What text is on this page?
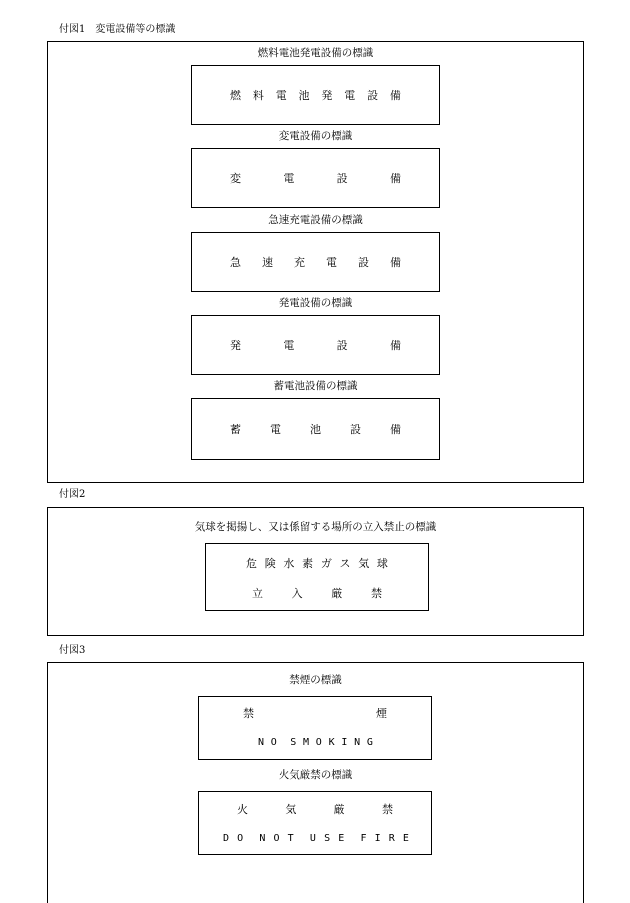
付図1　変電設備等の標識
燃料電池発電設備の標識
燃 料 電 池 発 電 設 備
変電設備の標識
変	電	設	備
急速充電設備の標識
急 速 充 電 設 備
発電設備の標識
発	電	設	備
蓄電池設備の標識
蓄	電	池	設	備
付図2
気球を掲揚し、又は係留する場所の立入禁止の標識
危 険 水 素 ガ ス 気 球
立	入	厳	禁
付図3
禁煙の標識
禁	煙
N O S M O K I N G
火気厳禁の標識
火	気	厳	禁
D O N O T U S E F I R E
